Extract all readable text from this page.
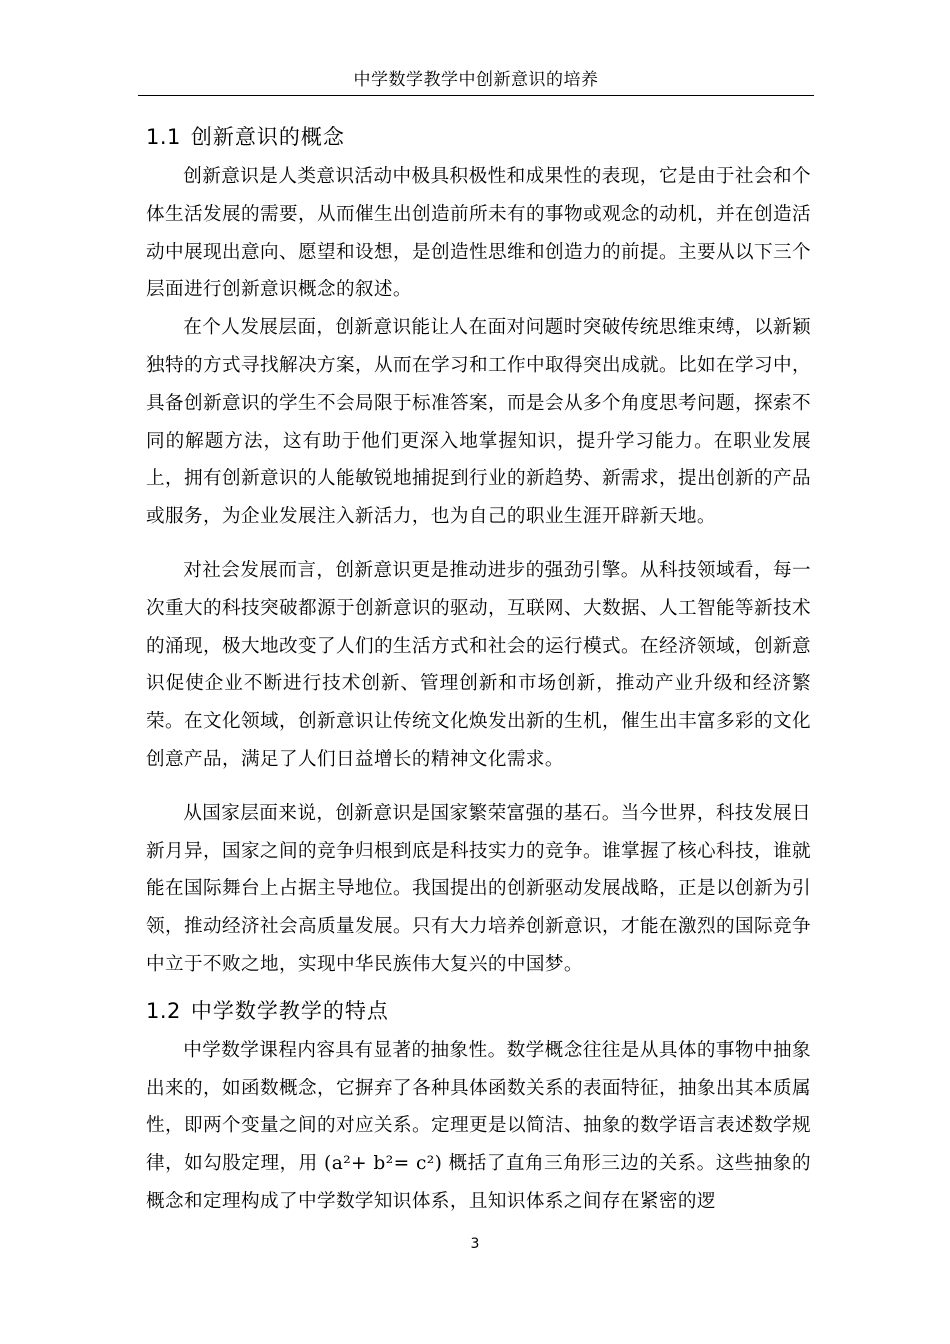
中学数学教学中创新意识的培养
1.1 创新意识的概念

创新意识是人类意识活动中极具积极性和成果性的表现，它是由于社会和个体生活发展的需要，从而催生出创造前所未有的事物或观念的动机，并在创造活动中展现出意向、愿望和设想，是创造性思维和创造力的前提。主要从以下三个层面进行创新意识概念的叙述。

在个人发展层面，创新意识能让人在面对问题时突破传统思维束缚，以新颖独特的方式寻找解决方案，从而在学习和工作中取得突出成就。比如在学习中，具备创新意识的学生不会局限于标准答案，而是会从多个角度思考问题，探索不同的解题方法，这有助于他们更深入地掌握知识，提升学习能力。在职业发展上，拥有创新意识的人能敏锐地捕捉到行业的新趋势、新需求，提出创新的产品或服务，为企业发展注入新活力，也为自己的职业生涯开辟新天地。

对社会发展而言，创新意识更是推动进步的强劲引擎。从科技领域看，每一次重大的科技突破都源于创新意识的驱动，互联网、大数据、人工智能等新技术的涌现，极大地改变了人们的生活方式和社会的运行模式。在经济领域，创新意识促使企业不断进行技术创新、管理创新和市场创新，推动产业升级和经济繁荣。在文化领域，创新意识让传统文化焕发出新的生机，催生出丰富多彩的文化创意产品，满足了人们日益增长的精神文化需求。

从国家层面来说，创新意识是国家繁荣富强的基石。当今世界，科技发展日新月异，国家之间的竞争归根到底是科技实力的竞争。谁掌握了核心科技，谁就能在国际舞台上占据主导地位。我国提出的创新驱动发展战略，正是以创新为引领，推动经济社会高质量发展。只有大力培养创新意识，才能在激烈的国际竞争中立于不败之地，实现中华民族伟大复兴的中国梦。

1.2 中学数学教学的特点

中学数学课程内容具有显著的抽象性。数学概念往往是从具体的事物中抽象出来的，如函数概念，它摒弃了各种具体函数关系的表面特征，抽象出其本质属性，即两个变量之间的对应关系。定理更是以简洁、抽象的数学语言表述数学规律，如勾股定理，用 (a²+ b²= c²) 概括了直角三角形三边的关系。这些抽象的概念和定理构成了中学数学知识体系，且知识体系之间存在紧密的逻

3
